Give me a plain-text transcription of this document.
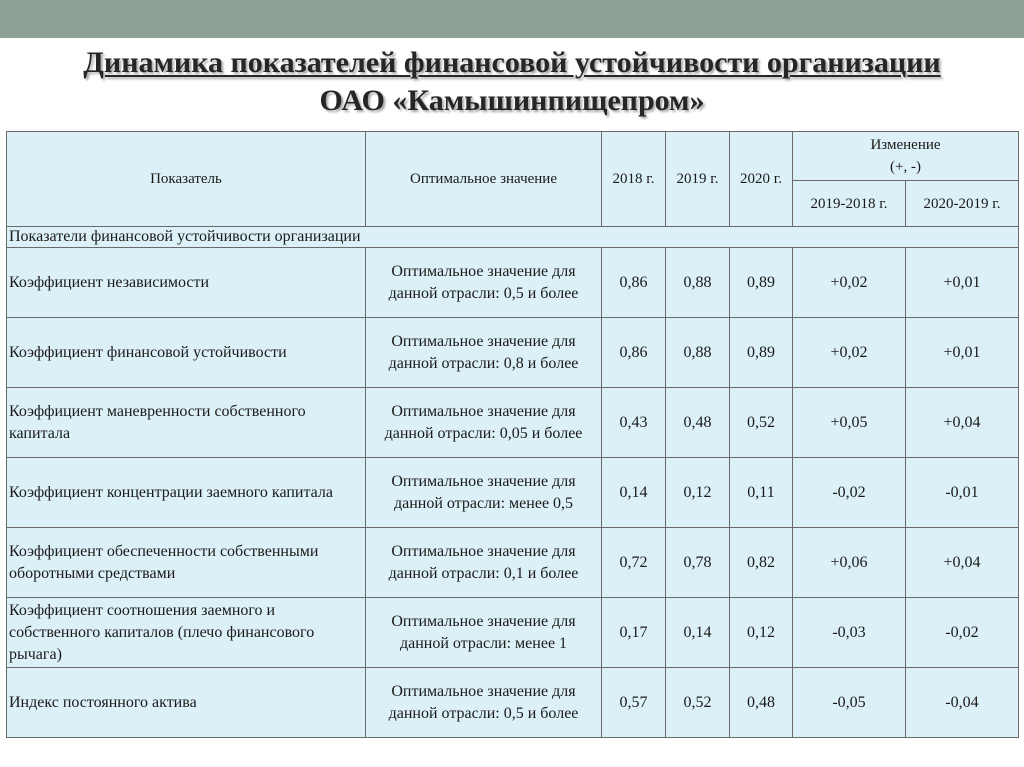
Динамика показателей финансовой устойчивости организации
ОАО «Камышинпищепром»
Показатель	Оптимальное значение	2018 г.	2019 г.	2020 г.	Изменение
(+, -)	

					2019-2018 г.	2020-2019 г.
Показатели финансовой устойчивости организации						
Коэффициент независимости	Оптимальное значение для данной отрасли: 0,5 и более	0,86	0,88	0,89	+0,02	+0,01
Коэффициент финансовой устойчивости	Оптимальное значение для данной отрасли: 0,8 и более	0,86	0,88	0,89	+0,02	+0,01
Коэффициент маневренности собственного капитала	Оптимальное значение для данной отрасли: 0,05 и более	0,43	0,48	0,52	+0,05	+0,04
Коэффициент концентрации заемного капитала	Оптимальное значение для данной отрасли: менее 0,5	0,14	0,12	0,11	-0,02	-0,01
Коэффициент обеспеченности собственными оборотными средствами	Оптимальное значение для данной отрасли: 0,1 и более	0,72	0,78	0,82	+0,06	+0,04
Коэффициент соотношения заемного и собственного капиталов (плечо финансового рычага)	Оптимальное значение для данной отрасли: менее 1	0,17	0,14	0,12	-0,03	-0,02
Индекс постоянного актива	Оптимальное значение для данной отрасли: 0,5 и более	0,57	0,52	0,48	-0,05	-0,04
